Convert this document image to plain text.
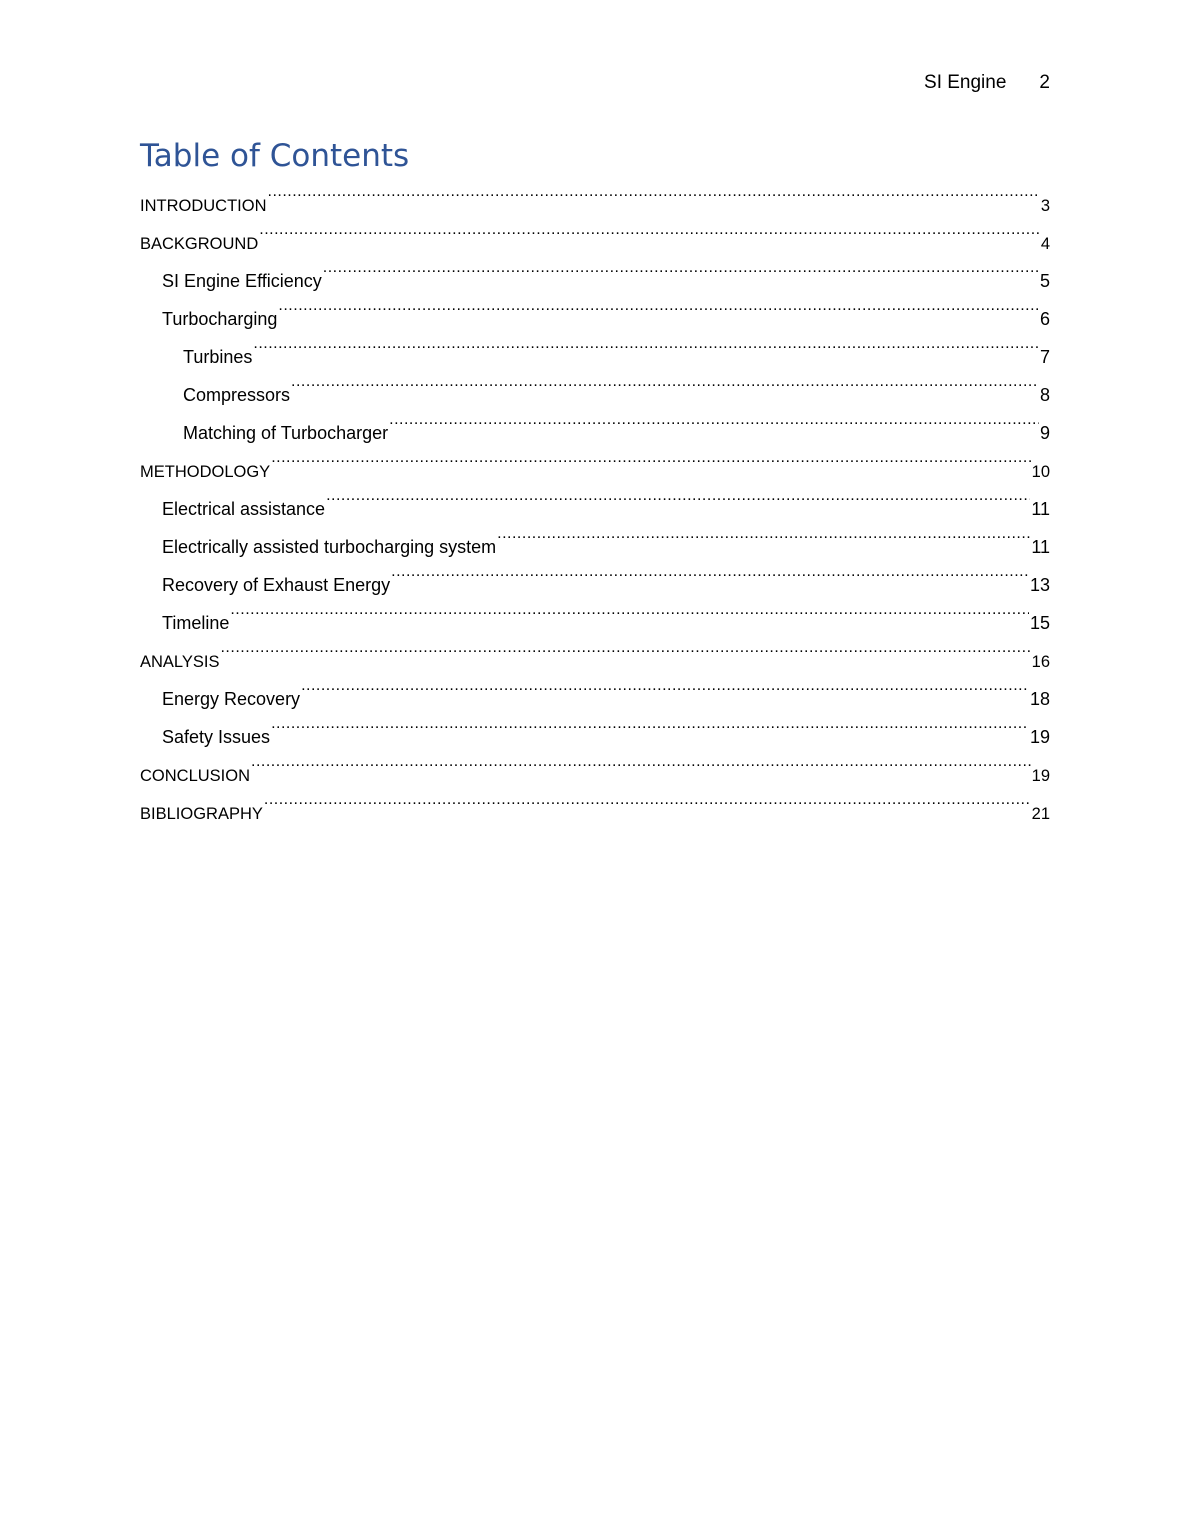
SI Engine 2
Table of Contents
INTRODUCTION .....	3
BACKGROUND .....	4
SI Engine Efficiency .....	5
Turbocharging .....	6
Turbines .....	7
Compressors .....	8
Matching of Turbocharger .....	9
METHODOLOGY .....	10
Electrical assistance .....	11
Electrically assisted turbocharging system .....	11
Recovery of Exhaust Energy .....	13
Timeline .....	15
ANALYSIS .....	16
Energy Recovery .....	18
Safety Issues .....	19
CONCLUSION .....	19
BIBLIOGRAPHY .....	21
